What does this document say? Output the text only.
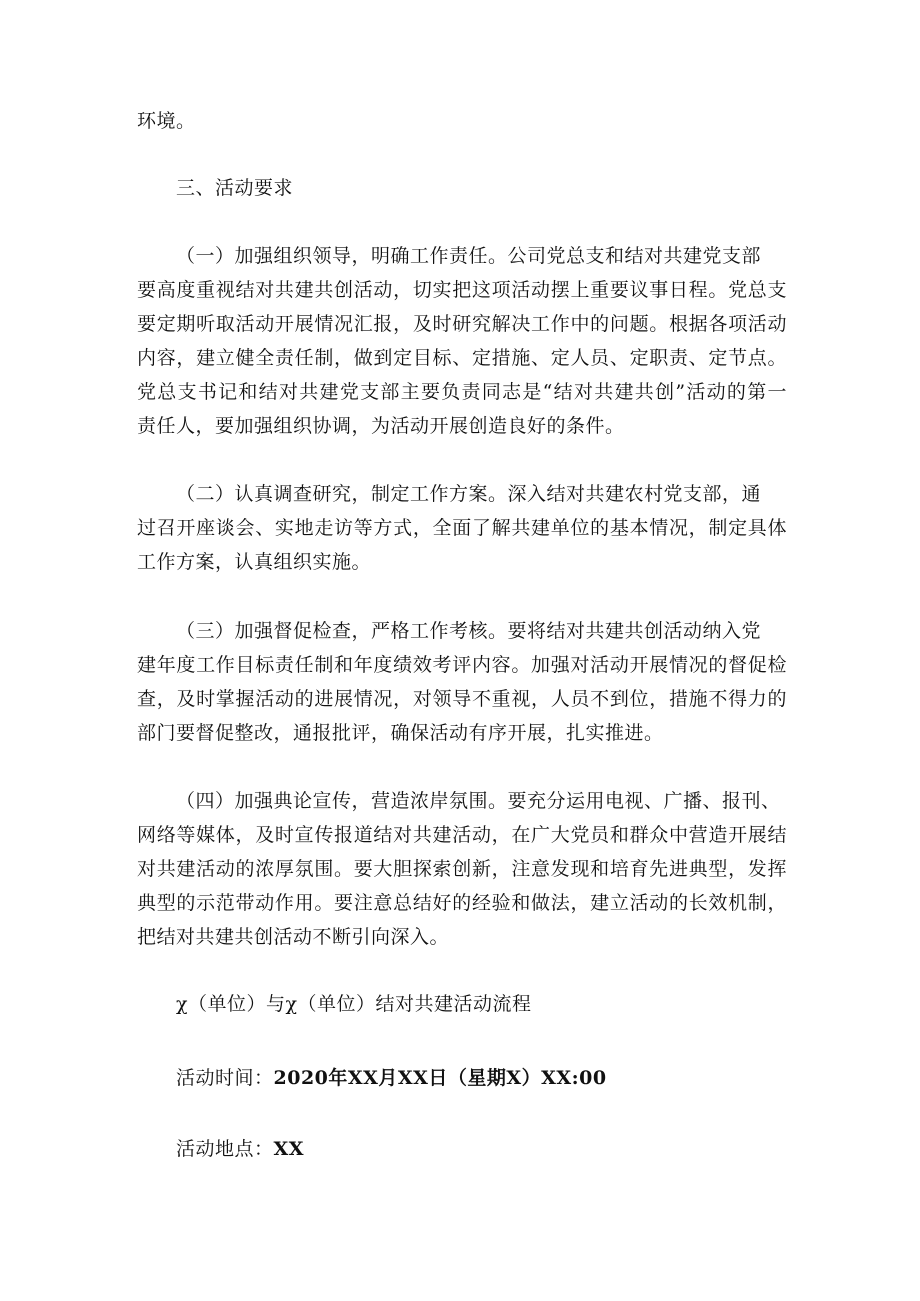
环境。
三、活动要求
（一）加强组织领导，明确工作责任。公司党总支和结对共建党支部
要高度重视结对共建共创活动，切实把这项活动摆上重要议事日程。党总支
要定期听取活动开展情况汇报，及时研究解决工作中的问题。根据各项活动
内容，建立健全责任制，做到定目标、定措施、定人员、定职责、定节点。
党总支书记和结对共建党支部主要负责同志是“结对共建共创”活动的第一
责任人，要加强组织协调，为活动开展创造良好的条件。
（二）认真调查研究，制定工作方案。深入结对共建农村党支部，通
过召开座谈会、实地走访等方式，全面了解共建单位的基本情况，制定具体
工作方案，认真组织实施。
（三）加强督促检查，严格工作考核。要将结对共建共创活动纳入党
建年度工作目标责任制和年度绩效考评内容。加强对活动开展情况的督促检
查，及时掌握活动的进展情况，对领导不重视，人员不到位，措施不得力的
部门要督促整改，通报批评，确保活动有序开展，扎实推进。
（四）加强典论宣传，营造浓岸氛围。要充分运用电视、广播、报刊、
网络等媒体，及时宣传报道结对共建活动，在广大党员和群众中营造开展结
对共建活动的浓厚氛围。要大胆探索创新，注意发现和培育先进典型，发挥
典型的示范带动作用。要注意总结好的经验和做法，建立活动的长效机制，
把结对共建共创活动不断引向深入。
χ（单位）与χ（单位）结对共建活动流程
活动时间：2020年XX月XX日（星期X）XX:00
活动地点：XX
